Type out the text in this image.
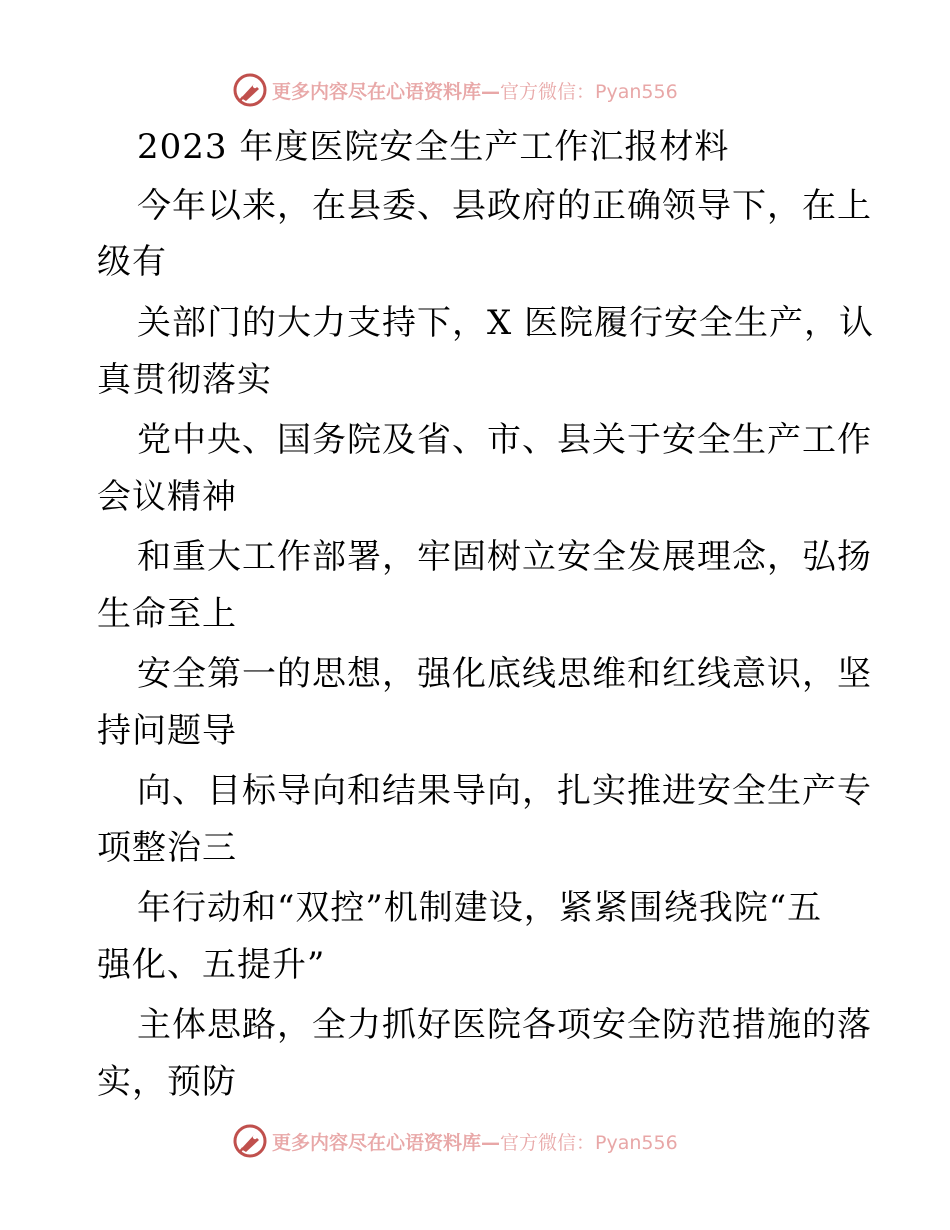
更多内容尽在心语资料库— 官方微信：Pyan556
2023 年度医院安全生产工作汇报材料
今年以来，在县委、县政府的正确领导下，在上
级有
关部门的大力支持下，X 医院履行安全生产，认
真贯彻落实
党中央、国务院及省、市、县关于安全生产工作
会议精神
和重大工作部署，牢固树立安全发展理念，弘扬
生命至上
安全第一的思想，强化底线思维和红线意识，坚
持问题导
向、目标导向和结果导向，扎实推进安全生产专
项整治三
年行动和“双控”机制建设，紧紧围绕我院“五
强化、五提升”
主体思路，全力抓好医院各项安全防范措施的落
实，预防
更多内容尽在心语资料库— 官方微信：Pyan556
